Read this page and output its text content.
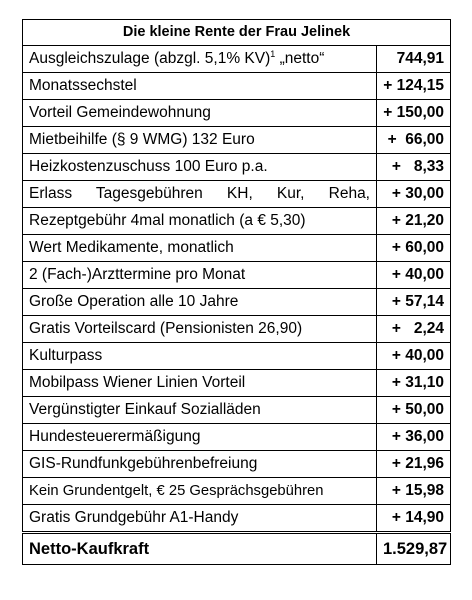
Die kleine Rente der Frau Jelinek	
Ausgleichszulage (abzgl. 5,1% KV)$^1$ „netto“	744,91
Monatssechstel	+ 124,15
Vorteil Gemeindewohnung	+ 150,00
Mietbeihilfe (§ 9 WMG) 132 Euro	+  66,00
Heizkostenzuschuss 100 Euro p.a.	+   8,33
Erlass Tagesgebühren KH, Kur, Reha,	+ 30,00
Rezeptgebühr 4mal monatlich (a € 5,30)	+ 21,20
Wert Medikamente, monatlich	+ 60,00
2 (Fach-)Arzttermine pro Monat	+ 40,00
Große Operation alle 10 Jahre	+ 57,14
Gratis Vorteilscard (Pensionisten 26,90)	+   2,24
Kulturpass	+ 40,00
Mobilpass Wiener Linien Vorteil	+ 31,10
Vergünstigter Einkauf Sozialläden	+ 50,00
Hundesteuerermäßigung	+ 36,00
GIS-Rundfunkgebührenbefreiung	+ 21,96
Kein Grundentgelt, € 25 Gesprächsgebühren	+ 15,98
Gratis Grundgebühr A1-Handy	+ 14,90
Netto-Kaufkraft	1.529,87
